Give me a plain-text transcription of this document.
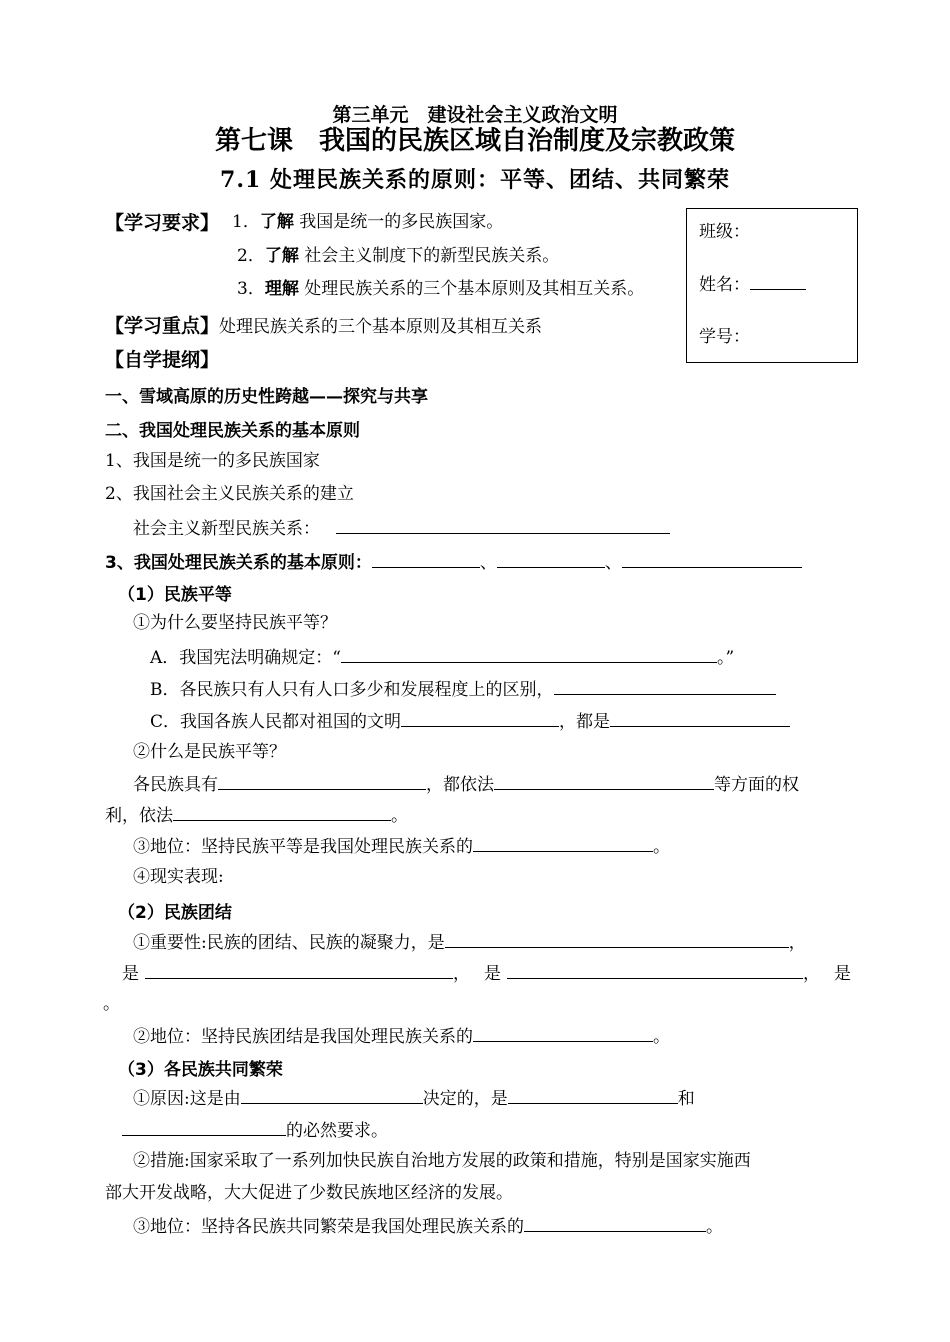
第三单元　建设社会主义政治文明
第七课　我国的民族区域自治制度及宗教政策
7.1 处理民族关系的原则：平等、团结、共同繁荣
【学习要求】 1．了解 我国是统一的多民族国家。
2．了解 社会主义制度下的新型民族关系。
3．理解 处理民族关系的三个基本原则及其相互关系。
班级：
姓名：
学号：
【学习重点】处理民族关系的三个基本原则及其相互关系
【自学提纲】
一、雪域高原的历史性跨越——探究与共享
二、我国处理民族关系的基本原则
1、我国是统一的多民族国家
2、我国社会主义民族关系的建立
社会主义新型民族关系：
3、我国处理民族关系的基本原则：	、	、
（1）民族平等
①为什么要坚持民族平等？
A．我国宪法明确规定：“	。”
B．各民族只有人只有人口多少和发展程度上的区别，
C．我国各族人民都对祖国的文明	，都是
②什么是民族平等？
各民族具有	，都依法	等方面的权
利，依法	。
③地位：坚持民族平等是我国处理民族关系的	。
④现实表现:
（2）民族团结
①重要性:民族的团结、民族的凝聚力，是	，
是	， 是	， 是
。
②地位：坚持民族团结是我国处理民族关系的	。
（3）各民族共同繁荣
①原因:这是由	决定的，是	和
的必然要求。
②措施:国家采取了一系列加快民族自治地方发展的政策和措施，特别是国家实施西
部大开发战略，大大促进了少数民族地区经济的发展。
③地位：坚持各民族共同繁荣是我国处理民族关系的	。
